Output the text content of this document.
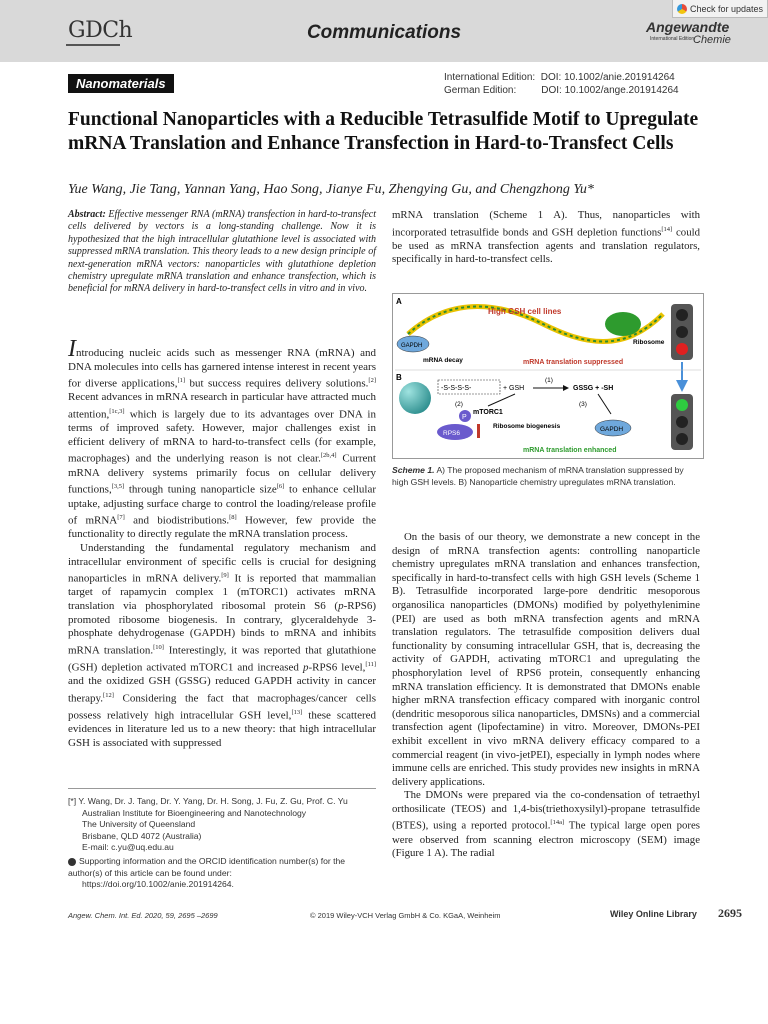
GDCh	Communications
Check for updates
Angewandte
International Edition
Chemie
Nanomaterials	International Edition:  DOI: 10.1002/anie.201914264
German Edition:         DOI: 10.1002/ange.201914264
Functional Nanoparticles with a Reducible Tetrasulfide Motif to Upregulate mRNA Translation and Enhance Transfection in Hard-to-Transfect Cells
Yue Wang, Jie Tang, Yannan Yang, Hao Song, Jianye Fu, Zhengying Gu, and Chengzhong Yu*

Abstract: Effective messenger RNA (mRNA) transfection in hard-to-transfect cells delivered by vectors is a long-standing challenge. Now it is hypothesized that the high intracellular glutathione level is associated with suppressed mRNA translation. This theory leads to a new design principle of next-generation mRNA vectors: nanoparticles with glutathione depletion chemistry upregulate mRNA translation and enhance transfection, which is beneficial for mRNA delivery in hard-to-transfect cells in vitro and in vivo.

Introducing nucleic acids such as messenger RNA (mRNA) and DNA molecules into cells has garnered intense interest in recent years for diverse applications,[1] but success requires delivery solutions.[2] Recent advances in mRNA research in particular have attracted much attention,[1c,3] which is largely due to its advantages over DNA in terms of improved safety. However, major challenges exist in efficient delivery of mRNA to hard-to-transfect cells (for example, macrophages) and the underlying reason is not clear.[2b,4] Current mRNA delivery systems primarily focus on cellular delivery functions,[3,5] through tuning nanoparticle size[6] to enhance cellular uptake, adjusting surface charge to control the loading/release profile of mRNA[7] and biodistributions.[8] However, few provide the functionality to directly regulate the mRNA translation process.

Understanding the fundamental regulatory mechanism and intracellular environment of specific cells is crucial for designing nanoparticles in mRNA delivery.[9] It is reported that mammalian target of rapamycin complex 1 (mTORC1) activates mRNA translation via phosphorylated ribosomal protein S6 (p-RPS6) promoted ribosome biogenesis. In contrary, glyceraldehyde 3-phosphate dehydrogenase (GAPDH) binds to mRNA and inhibits mRNA translation.[10] Interestingly, it was reported that glutathione (GSH) depletion activated mTORC1 and increased p-RPS6 level,[11] and the oxidized GSH (GSSG) reduced GAPDH activity in cancer therapy.[12] Considering the fact that macrophages/cancer cells possess relatively high intracellular GSH level,[13] these scattered evidences in literature led us to a new theory: that high intracellular GSH is associated with suppressed

mRNA translation (Scheme 1 A). Thus, nanoparticles with incorporated tetrasulfide bonds and GSH depletion functions[14] could be used as mRNA transfection agents and translation regulators, specifically in hard-to-transfect cells.

A
High GSH cell lines
GAPDH
mRNA decay
Ribosome
mRNA translation suppressed
B
-S-S-S-S-	+ GSH
(1)
GSSG + -SH
(2)
mTORC1
(3)
P
RPS6
Ribosome biogenesis	GAPDH
mRNA translation enhanced
Scheme 1. A) The proposed mechanism of mRNA translation suppressed by high GSH levels. B) Nanoparticle chemistry upregulates mRNA translation.

On the basis of our theory, we demonstrate a new concept in the design of mRNA transfection agents: controlling nanoparticle chemistry upregulates mRNA translation and enhances transfection, specifically in hard-to-transfect cells with high GSH levels (Scheme 1 B). Tetrasulfide incorporated large-pore dendritic mesoporous organosilica nanoparticles (DMONs) modified by polyethylenimine (PEI) are used as both mRNA transfection agents and mRNA translation regulators. The tetrasulfide composition delivers dual functionality by consuming intracellular GSH, that is, decreasing the activity of GAPDH, activating mTORC1 and upregulating the phosphorylation level of RPS6 protein, consequently enhancing mRNA translation efficiency. It is demonstrated that DMONs enable higher mRNA transfection efficacy compared with inorganic control (dendritic mesoporous silica nanoparticles, DMSNs) and a commercial transfection agent (lipofectamine) in vitro. Moreover, DMONs-PEI exhibit excellent in vivo mRNA delivery efficacy compared to a commercial reagent (in vivo-jetPEI), especially in lymph nodes where immune cells are enriched. This study provides new insights in mRNA delivery applications.

The DMONs were prepared via the co-condensation of tetraethyl orthosilicate (TEOS) and 1,4-bis(triethoxysilyl)-propane tetrasulfide (BTES), using a reported protocol.[14a] The typical large open pores were observed from scanning electron microscopy (SEM) image (Figure 1 A). The radial

[*] Y. Wang, Dr. J. Tang, Dr. Y. Yang, Dr. H. Song, J. Fu, Z. Gu, Prof. C. Yu
Australian Institute for Bioengineering and Nanotechnology
The University of Queensland
Brisbane, QLD 4072 (Australia)
E-mail: c.yu@uq.edu.au
Supporting information and the ORCID identification number(s) for the author(s) of this article can be found under:
https://doi.org/10.1002/anie.201914264.
Angew. Chem. Int. Ed. 2020, 59, 2695 –2699	© 2019 Wiley-VCH Verlag GmbH & Co. KGaA, Weinheim	Wiley Online Library 2695
